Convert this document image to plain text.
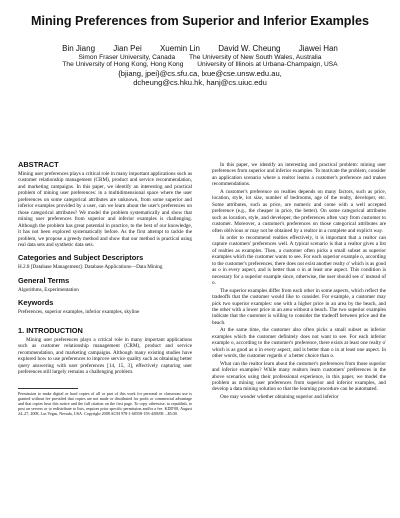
Mining Preferences from Superior and Inferior Examples
Bin Jiang Jian Pei Xuemin Lin David W. Cheung Jiawei Han
Simon Fraser University, Canada The University of New South Wales, Australia
The University of Hong Kong, Hong Kong University of Illinois at Urbana-Champaign, USA
{bjiang, jpei}@cs.sfu.ca, lxue@cse.unsw.edu.au,
dcheung@cs.hku.hk, hanj@cs.uiuc.edu
ABSTRACT

Mining user preferences plays a critical role in many important applications such as customer relationship management (CRM), product and service recommendation, and marketing campaigns. In this paper, we identify an interesting and practical problem of mining user preferences: in a multidimensional space where the user preferences on some categorical attributes are unknown, from some superior and inferior examples provided by a user, can we learn about the user's preferences on those categorical attributes? We model the problem systematically and show that mining user preferences from superior and inferior examples is challenging. Although the problem has great potential in practice, to the best of our knowledge, it has not been explored systematically before. As the first attempt to tackle the problem, we propose a greedy method and show that our method is practical using real data sets and synthetic data sets.

Categories and Subject Descriptors

H.2.8 [Database Management]: Database Applications—Data Mining

General Terms

Algorithms, Experimentation

Keywords

Preferences, superior examples, inferior examples, skyline

1. INTRODUCTION

Mining user preferences plays a critical role in many important applications such as customer relationship management (CRM), product and service recommendation, and marketing campaigns. Although many existing studies have explored how to use preferences to improve service quality such as obtaining better query answering with user preferences [14, 15, 3], effectively capturing user preferences still largely remains a challenging problem.

Permission to make digital or hard copies of all or part of this work for personal or classroom use is granted without fee provided that copies are not made or distributed for profit or commercial advantage and that copies bear this notice and the full citation on the first page. To copy otherwise, to republish, to post on servers or to redistribute to lists, requires prior specific permission and/or a fee. KDD'08, August 24–27, 2008, Las Vegas, Nevada, USA. Copyright 2008 ACM 978-1-60558-193-4/08/08 ...$5.00.

In this paper, we identify an interesting and practical problem: mining user preferences from superior and inferior examples. To motivate the problem, consider an application scenario where a realtor learns a customer's preference and makes recommendations.

A customer's preference on realties depends on many factors, such as price, location, style, lot size, number of bedrooms, age of the realty, developer, etc. Some attributes, such as price, are numeric and come with a well accepted preference (e.g., the cheaper in price, the better). On some categorical attributes such as location, style, and developer, the preferences often vary from customer to customer. Moreover, a customer's preferences on those categorical attributes are often oblivious or may not be obtained by a realtor in a complete and explicit way.

In order to recommend realties effectively, it is important that a realtor can capture customers' preferences well. A typical scenario is that a realtor gives a list of realties as examples. Then, a customer often picks a small subset as superior examples which the customer wants to see. For each superior example o, according to the customer's preferences, there does not exist another realty o' which is as good as o in every aspect, and is better than o in at least one aspect. This condition is necessary for a superior example since, otherwise, the user should see o' instead of o.

The superior examples differ from each other in some aspects, which reflect the tradeoffs that the customer would like to consider. For example, a customer may pick two superior examples: one with a higher price in an area by the beach, and the other with a lower price in an area without a beach. The two superior examples indicate that the customer is willing to consider the tradeoff between price and the beach.

At the same time, the customer also often picks a small subset as inferior examples which the customer definitely does not want to see. For each inferior example o, according to the customer's preference, there exists at least one realty o' which is as good as o in every aspect, and is better than o in at least one aspect. In other words, the customer regards o' a better choice than o.

What can the realtor learn about the customer's preferences from those superior and inferior examples? While many realtors learn customers' preferences in the above scenarios using their professional experience, in this paper, we model the problem as mining user preferences from superior and inferior examples, and develop a data mining solution so that the learning procedure can be automated.

One may wonder whether obtaining superior and inferior
